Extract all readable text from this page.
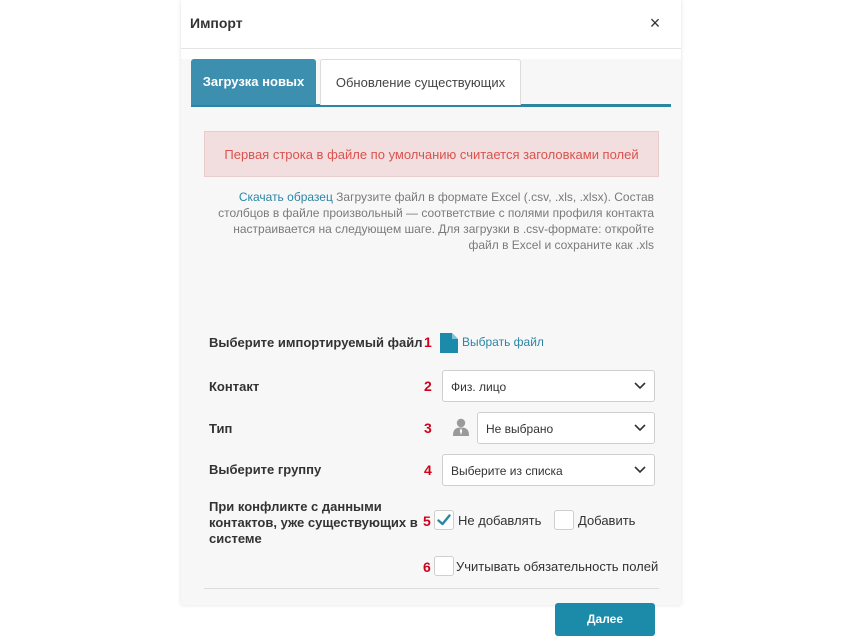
Импорт	×
Загрузка новых	Обновление существующих
Первая строка в файле по умолчанию считается заголовками полей
Скачать образец Загрузите файл в формате Excel (.csv, .xls, .xlsx). Состав столбцов в файле произвольный — соответствие с полями профиля контакта настраивается на следующем шаге. Для загрузки в .csv-формате: откройте файл в Excel и сохраните как .xls
Выберите импортируемый файл 1	Выбрать файл
Контакт	2 Физ. лицо
Тип	3	Не выбрано
Выберите группу	4 Выберите из списка
При конфликте с данными
контактов, уже существующих в
системе
5 Не добавлять	Добавить
6 Учитывать обязательность полей
Далее
